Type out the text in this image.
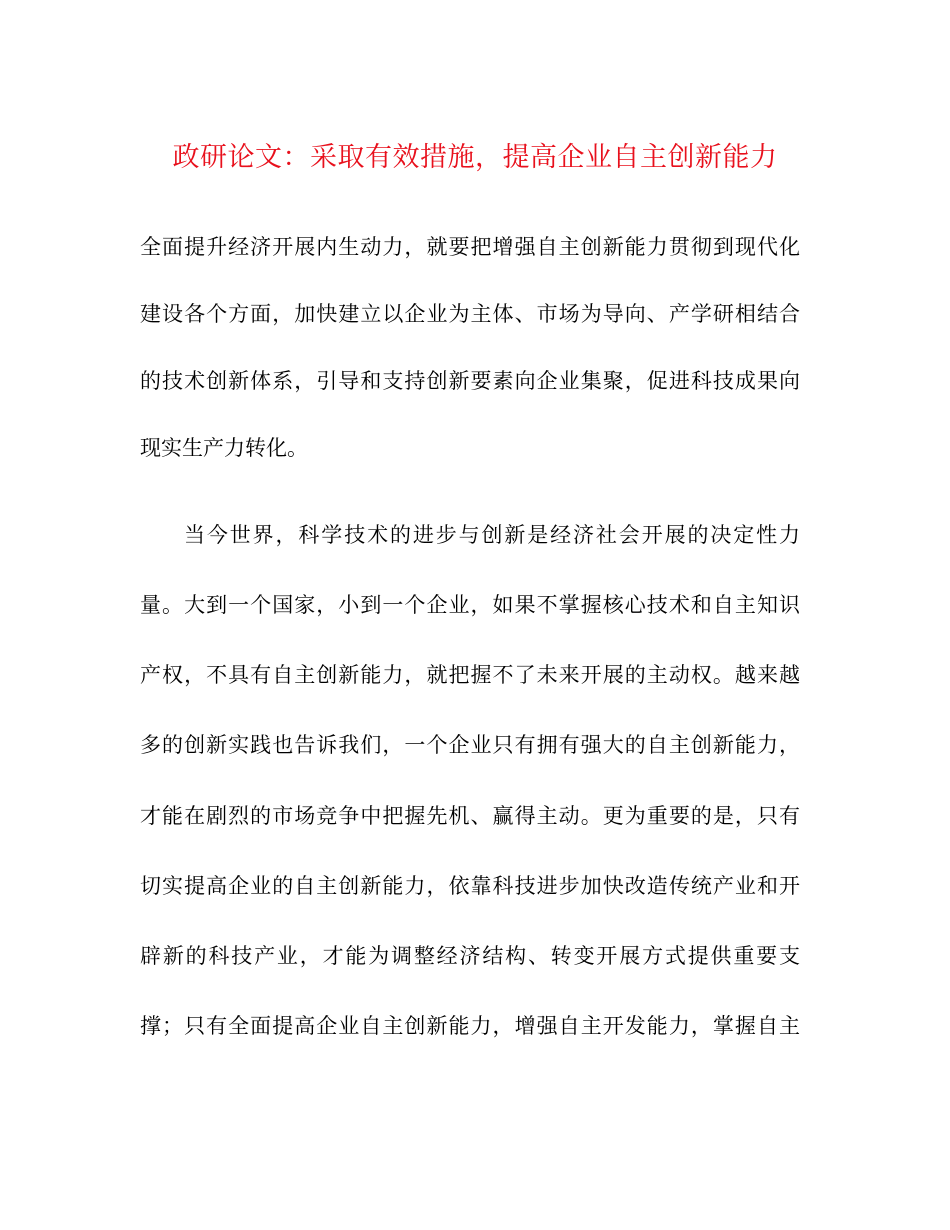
政研论文：采取有效措施，提高企业自主创新能力
全面提升经济开展内生动力，就要把增强自主创新能力贯彻到现代化
建设各个方面，加快建立以企业为主体、市场为导向、产学研相结合
的技术创新体系，引导和支持创新要素向企业集聚，促进科技成果向
现实生产力转化。
当今世界，科学技术的进步与创新是经济社会开展的决定性力
量。大到一个国家，小到一个企业，如果不掌握核心技术和自主知识
产权，不具有自主创新能力，就把握不了未来开展的主动权。越来越
多的创新实践也告诉我们，一个企业只有拥有强大的自主创新能力，
才能在剧烈的市场竞争中把握先机、赢得主动。更为重要的是，只有
切实提高企业的自主创新能力，依靠科技进步加快改造传统产业和开
辟新的科技产业，才能为调整经济结构、转变开展方式提供重要支
撑；只有全面提高企业自主创新能力，增强自主开发能力，掌握自主
